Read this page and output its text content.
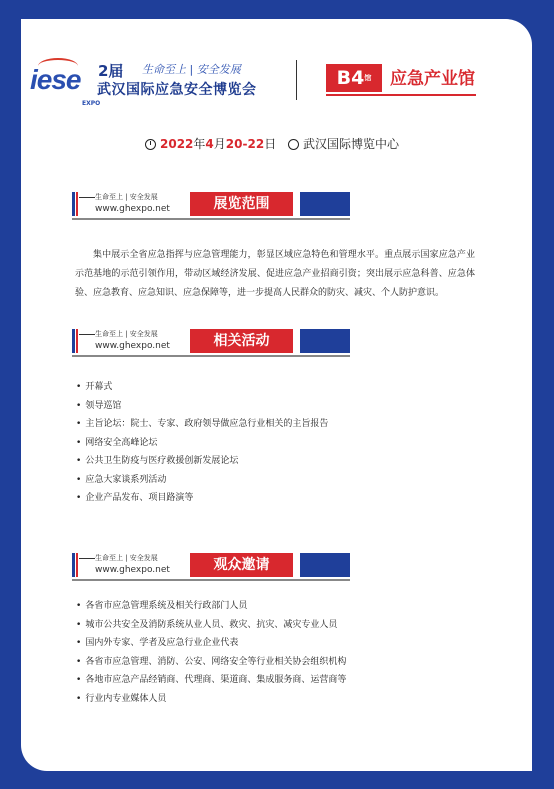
iese
EXPO
2届 生命至上 | 安全发展
武汉国际应急安全博览会
$B4^馆$	应急产业馆
2022年4月20-22日	武汉国际博览中心
生命至上 | 安全发展
www.ghexpo.net	展览范围

集中展示全省应急指挥与应急管理能力，彰显区域应急特色和管理水平。重点展示国家应急产业示范基地的示范引领作用，带动区域经济发展、促进应急产业招商引资；突出展示应急科普、应急体验、应急教育、应急知识、应急保障等，进一步提高人民群众的防灾、减灾、个人防护意识。

生命至上 | 安全发展
www.ghexpo.net	相关活动
• 开幕式
• 领导巡馆
• 主旨论坛：院士、专家、政府领导做应急行业相关的主旨报告
• 网络安全高峰论坛
• 公共卫生防疫与医疗救援创新发展论坛
• 应急大家谈系列活动
• 企业产品发布、项目路演等
生命至上 | 安全发展
www.ghexpo.net	观众邀请
• 各省市应急管理系统及相关行政部门人员
• 城市公共安全及消防系统从业人员、救灾、抗灾、减灾专业人员
• 国内外专家、学者及应急行业企业代表
• 各省市应急管理、消防、公安、网络安全等行业相关协会组织机构
• 各地市应急产品经销商、代理商、渠道商、集成服务商、运营商等
• 行业内专业媒体人员
